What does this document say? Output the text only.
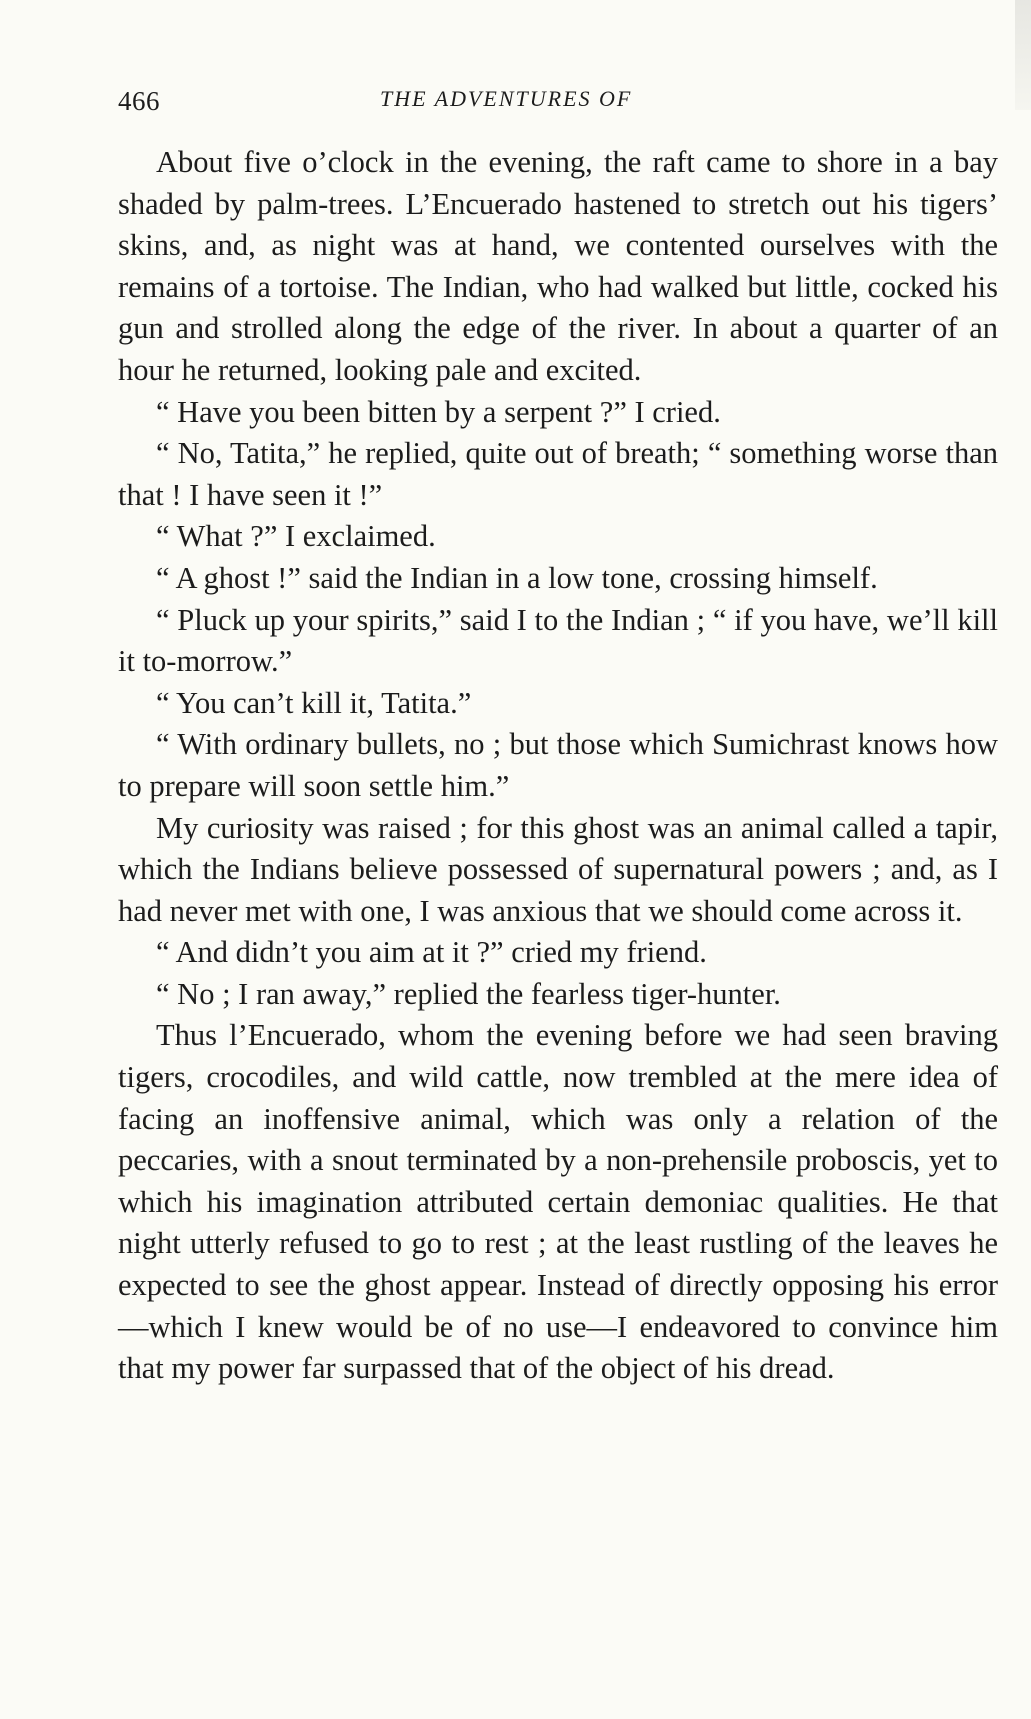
466	THE ADVENTURES OF

About five o’clock in the evening, the raft came to shore in a bay shaded by palm-trees. L’Encuerado hastened to stretch out his tigers’ skins, and, as night was at hand, we contented ourselves with the remains of a tortoise. The Indian, who had walked but little, cocked his gun and strolled along the edge of the river. In about a quarter of an hour he returned, looking pale and excited.

“ Have you been bitten by a serpent ?” I cried.

“ No, Tatita,” he replied, quite out of breath; “ something worse than that ! I have seen it !”

“ What ?” I exclaimed.

“ A ghost !” said the Indian in a low tone, crossing himself.

“ Pluck up your spirits,” said I to the Indian ; “ if you have, we’ll kill it to-morrow.”

“ You can’t kill it, Tatita.”

“ With ordinary bullets, no ; but those which Sumichrast knows how to prepare will soon settle him.”

My curiosity was raised ; for this ghost was an animal called a tapir, which the Indians believe possessed of supernatural powers ; and, as I had never met with one, I was anxious that we should come across it.

“ And didn’t you aim at it ?” cried my friend.

“ No ; I ran away,” replied the fearless tiger-hunter.

Thus l’Encuerado, whom the evening before we had seen braving tigers, crocodiles, and wild cattle, now trembled at the mere idea of facing an inoffensive animal, which was only a relation of the peccaries, with a snout terminated by a non-prehensile proboscis, yet to which his imagination attributed certain demoniac qualities. He that night utterly refused to go to rest ; at the least rustling of the leaves he expected to see the ghost appear. Instead of directly opposing his error—which I knew would be of no use—I endeavored to convince him that my power far surpassed that of the object of his dread.
